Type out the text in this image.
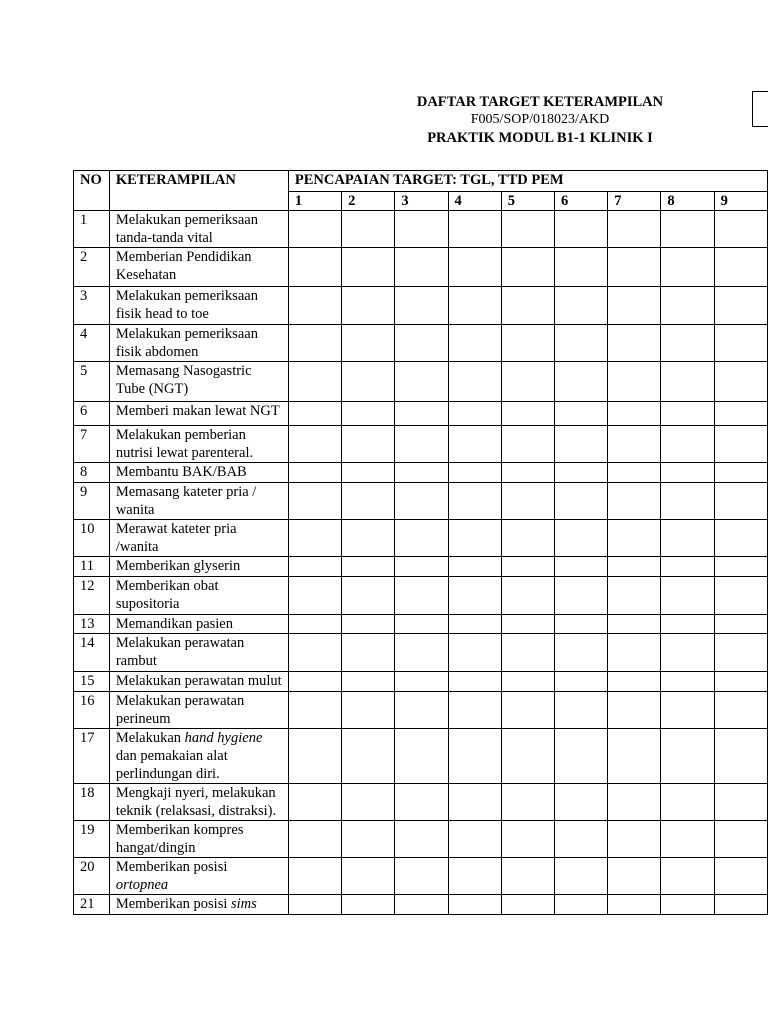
DAFTAR TARGET KETERAMPILAN
F005/SOP/018023/AKD
PRAKTIK MODUL B1-1 KLINIK I
NO	KETERAMPILAN	PENCAPAIAN TARGET: TGL, TTD PEM								
		1	2	3	4	5	6	7	8	9
1	Melakukan pemeriksaan tanda-tanda vital									
2	Memberian Pendidikan Kesehatan									
3	Melakukan pemeriksaan fisik head to toe									
4	Melakukan pemeriksaan fisik abdomen									
5	Memasang Nasogastric Tube (NGT)									
6	Memberi makan lewat NGT									
7	Melakukan pemberian nutrisi lewat parenteral.									
8	Membantu BAK/BAB									
9	Memasang kateter pria / wanita									
10	Merawat kateter pria /wanita									
11	Memberikan glyserin									
12	Memberikan obat supositoria									
13	Memandikan pasien									
14	Melakukan perawatan rambut									
15	Melakukan perawatan mulut									
16	Melakukan perawatan perineum									
17	Melakukan hand hygiene dan pemakaian alat perlindungan diri.									
18	Mengkaji nyeri, melakukan teknik (relaksasi, distraksi).									
19	Memberikan kompres hangat/dingin									
20	Memberikan posisi ortopnea									
21	Memberikan posisi sims									
